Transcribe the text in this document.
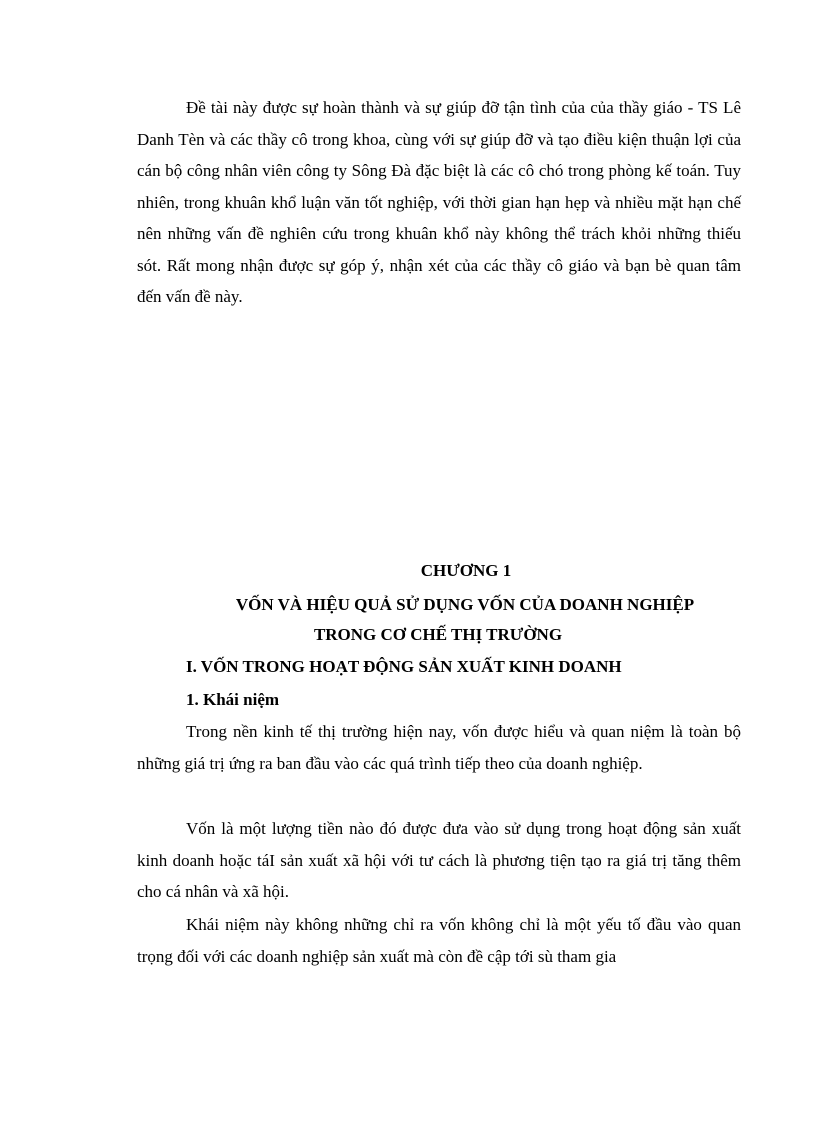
Đề tài này được sự hoàn thành và sự giúp đỡ tận tình của của thầy giáo - TS Lê Danh Tèn và các thầy cô trong khoa, cùng với sự giúp đỡ và tạo điều kiện thuận lợi của cán bộ công nhân viên công ty Sông Đà đặc biệt là các cô chó trong phòng kế toán. Tuy nhiên, trong khuân khổ luận văn tốt nghiệp, với thời gian hạn hẹp và nhiều mặt hạn chế nên những vấn đề nghiên cứu trong khuân khổ này không thể trách khỏi những thiếu sót. Rất mong nhận được sự góp ý, nhận xét của các thầy cô giáo và bạn bè quan tâm đến vấn đề này.

CHƯƠNG 1

VỐN VÀ HIỆU QUẢ SỬ DỤNG VỐN CỦA DOANH NGHIỆP

TRONG CƠ CHẾ THỊ TRƯỜNG

I. VỐN TRONG HOẠT ĐỘNG SẢN XUẤT KINH DOANH

1. Khái niệm

Trong nền kinh tế thị trường hiện nay, vốn được hiểu và quan niệm là toàn bộ những giá trị ứng ra ban đầu vào các quá trình tiếp theo của doanh nghiệp.

Vốn là một lượng tiền nào đó được đưa vào sử dụng trong hoạt động sản xuất kinh doanh hoặc táI sản xuất xã hội với tư cách là phương tiện tạo ra giá trị tăng thêm cho cá nhân và xã hội.

Khái niệm này không những chỉ ra vốn không chỉ là một yếu tố đầu vào quan trọng đối với các doanh nghiệp sản xuất mà còn đề cập tới sù tham gia
